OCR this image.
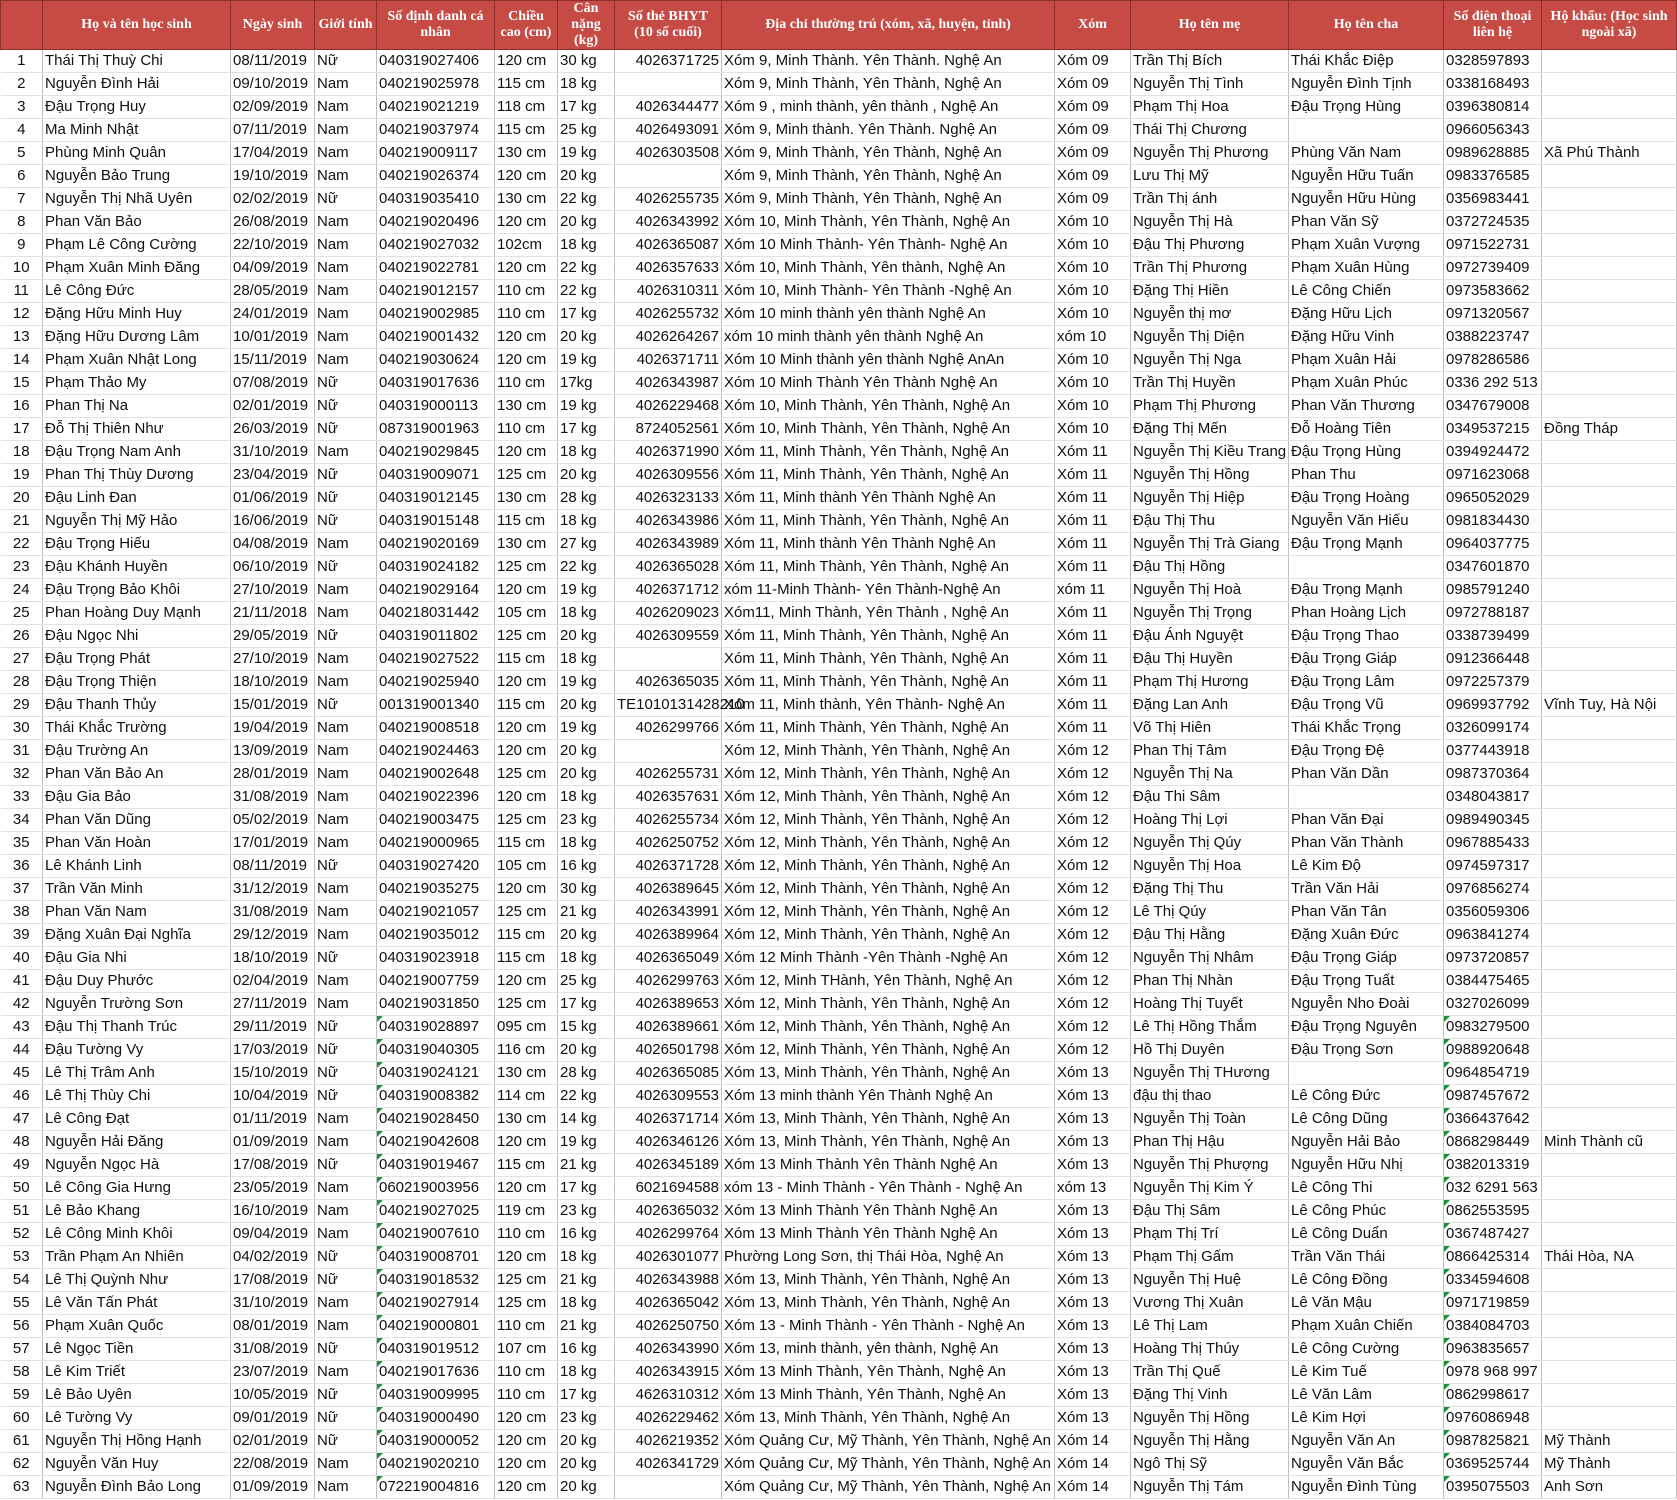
	Họ và tên học sinh	Ngày sinh	Giới tính	Số định danh cá nhân	Chiều cao (cm)	Cân nặng (kg)	Số thẻ BHYT (10 số cuối)	Địa chỉ thường trú (xóm, xã, huyện, tỉnh)	Xóm	Họ tên mẹ	Họ tên cha	Số điện thoại liên hệ	Hộ khẩu: (Học sinh ngoài xã)
1	Thái Thị Thuỳ Chi	08/11/2019	Nữ	040319027406	120 cm	30 kg	4026371725	Xóm 9, Minh Thành. Yên Thành. Nghệ An	Xóm 09	Trần Thị Bích	Thái Khắc Điệp	0328597893	
2	Nguyễn Đình Hải	09/10/2019	Nam	040219025978	115 cm	18 kg		Xóm 9, Minh Thành, Yên Thành, Nghệ An	Xóm 09	Nguyễn Thị Tình	Nguyễn Đình Tịnh	0338168493	
3	Đậu Trọng Huy	02/09/2019	Nam	040219021219	118 cm	17 kg	4026344477	Xóm 9 , minh thành, yên thành , Nghệ An	Xóm 09	Phạm Thị Hoa	Đậu Trọng Hùng	0396380814	
4	Ma Minh Nhật	07/11/2019	Nam	040219037974	115 cm	25 kg	4026493091	Xóm 9, Minh thành. Yên Thành. Nghệ An	Xóm 09	Thái Thị Chương		0966056343	
5	Phùng Minh Quân	17/04/2019	Nam	040219009117	130 cm	19 kg	4026303508	Xóm 9, Minh Thành, Yên Thành, Nghệ An	Xóm 09	Nguyễn Thị Phương	Phùng Văn Nam	0989628885	Xã Phú Thành
6	Nguyễn Bảo Trung	19/10/2019	Nam	040219026374	120 cm	20 kg		Xóm 9, Minh Thành, Yên Thành, Nghệ An	Xóm 09	Lưu Thị Mỹ	Nguyễn Hữu Tuấn	0983376585	
7	Nguyễn Thị Nhã Uyên	02/02/2019	Nữ	040319035410	130 cm	22 kg	4026255735	Xóm 9, Minh Thành, Yên Thành, Nghệ An	Xóm 09	Trần Thị ánh	Nguyễn Hữu Hùng	0356983441	
8	Phan Văn Bảo	26/08/2019	Nam	040219020496	120 cm	20 kg	4026343992	Xóm 10, Minh Thành, Yên Thành, Nghệ An	Xóm 10	Nguyễn Thị Hà	Phan Văn Sỹ	0372724535	
9	Phạm Lê Công Cường	22/10/2019	Nam	040219027032	102cm	18 kg	4026365087	Xóm 10 Minh Thành- Yên Thành- Nghệ An	Xóm 10	Đậu Thị Phương	Phạm Xuân Vượng	0971522731	
10	Phạm Xuân Minh Đăng	04/09/2019	Nam	040219022781	120 cm	22 kg	4026357633	Xóm 10, Minh Thành, Yên thành, Nghệ An	Xóm 10	Trần Thị Phương	Phạm Xuân Hùng	0972739409	
11	Lê Công Đức	28/05/2019	Nam	040219012157	110 cm	22 kg	4026310311	Xóm 10, Minh Thành- Yên Thành -Nghệ An	Xóm 10	Đặng Thị Hiền	Lê Công Chiến	0973583662	
12	Đặng Hữu Minh Huy	24/01/2019	Nam	040219002985	110 cm	17 kg	4026255732	Xóm 10 minh thành yên thành Nghệ An	Xóm 10	Nguyễn thị mơ	Đặng Hữu Lịch	0971320567	
13	Đặng Hữu Dương Lâm	10/01/2019	Nam	040219001432	120 cm	20 kg	4026264267	xóm 10 minh thành yên thành Nghệ An	xóm 10	Nguyễn Thị Diện	Đặng Hữu Vinh	0388223747	
14	Phạm Xuân Nhật Long	15/11/2019	Nam	040219030624	120 cm	19 kg	4026371711	Xóm 10 Minh thành yên thành Nghệ AnAn	Xóm 10	Nguyễn Thị Nga	Phạm Xuân Hải	0978286586	
15	Phạm Thảo My	07/08/2019	Nữ	040319017636	110 cm	17kg	4026343987	Xóm 10 Minh Thành Yên Thành Nghệ An	Xóm 10	Trần Thị Huyền	Phạm Xuân Phúc	0336 292 513	
16	Phan Thị Na	02/01/2019	Nữ	040319000113	130 cm	19 kg	4026229468	Xóm 10, Minh Thành, Yên Thành, Nghệ An	Xóm 10	Phạm Thị Phương	Phan Văn Thương	0347679008	
17	Đỗ Thị Thiên Như	26/03/2019	Nữ	087319001963	110 cm	17 kg	8724052561	Xóm 10, Minh Thành, Yên Thành, Nghệ An	Xóm 10	Đặng Thị Mến	Đỗ Hoàng Tiên	0349537215	Đồng Tháp
18	Đậu Trọng Nam Anh	31/10/2019	Nam	040219029845	120 cm	18 kg	4026371990	Xóm 11, Minh Thành, Yên Thành, Nghệ An	Xóm 11	Nguyễn Thị Kiều Trang	Đậu Trọng Hùng	0394924472	
19	Phan Thị Thùy Dương	23/04/2019	Nữ	040319009071	125 cm	20 kg	4026309556	Xóm 11, Minh Thành, Yên Thành, Nghệ An	Xóm 11	Nguyễn Thị Hồng	Phan Thu	0971623068	
20	Đậu Linh Đan	01/06/2019	Nữ	040319012145	130 cm	28 kg	4026323133	Xóm 11, Minh thành Yên Thành Nghệ An	Xóm 11	Nguyễn Thị Hiệp	Đậu Trọng Hoàng	0965052029	
21	Nguyễn Thị Mỹ Hảo	16/06/2019	Nữ	040319015148	115 cm	18 kg	4026343986	Xóm 11, Minh Thành, Yên Thành, Nghệ An	Xóm 11	Đậu Thị Thu	Nguyễn Văn Hiếu	0981834430	
22	Đậu Trọng Hiếu	04/08/2019	Nam	040219020169	130 cm	27 kg	4026343989	Xóm 11, Minh thành Yên Thành Nghệ An	Xóm 11	Nguyễn Thị Trà Giang	Đậu Trọng Mạnh	0964037775	
23	Đậu Khánh Huyền	06/10/2019	Nữ	040319024182	125 cm	22 kg	4026365028	Xóm 11, Minh Thành, Yên Thành, Nghệ An	Xóm 11	Đậu Thị Hồng		0347601870	
24	Đậu Trọng Bảo Khôi	27/10/2019	Nam	040219029164	120 cm	19 kg	4026371712	xóm 11-Minh Thành- Yên Thành-Nghệ An	xóm 11	Nguyễn Thị Hoà	Đậu Trọng Mạnh	0985791240	
25	Phan Hoàng Duy Mạnh	21/11/2018	Nam	040218031442	105 cm	18 kg	4026209023	Xóm11, Minh Thành, Yên Thành , Nghệ An	Xóm 11	Nguyễn Thị Trọng	Phan Hoàng Lịch	0972788187	
26	Đậu Ngọc Nhi	29/05/2019	Nữ	040319011802	125 cm	20 kg	4026309559	Xóm 11, Minh Thành, Yên Thành, Nghệ An	Xóm 11	Đậu Ánh Nguyệt	Đậu Trọng Thao	0338739499	
27	Đậu Trọng Phát	27/10/2019	Nam	040219027522	115 cm	18 kg		Xóm 11, Minh Thành, Yên Thành, Nghệ An	Xóm 11	Đậu Thị Huyền	Đậu Trọng Giáp	0912366448	
28	Đậu Trọng Thiện	18/10/2019	Nam	040219025940	120 cm	19 kg	4026365035	Xóm 11, Minh Thành, Yên Thành, Nghệ An	Xóm 11	Phạm Thị Hương	Đậu Trọng Lâm	0972257379	
29	Đậu Thanh Thủy	15/01/2019	Nữ	001319001340	115 cm	20 kg	TE1010131428210	Xóm 11, Minh thành, Yên Thành- Nghệ An	Xóm 11	Đặng Lan Anh	Đậu Trọng Vũ	0969937792	Vĩnh Tuy, Hà Nội
30	Thái Khắc Trường	19/04/2019	Nam	040219008518	120 cm	19 kg	4026299766	Xóm 11, Minh Thành, Yên Thành, Nghệ An	Xóm 11	Võ Thị Hiên	Thái Khắc Trọng	0326099174	
31	Đậu Trường An	13/09/2019	Nam	040219024463	120 cm	20 kg		Xóm 12, Minh Thành, Yên Thành, Nghệ An	Xóm 12	Phan Thị Tâm	Đậu Trọng Đệ	0377443918	
32	Phan Văn Bảo An	28/01/2019	Nam	040219002648	125 cm	20 kg	4026255731	Xóm 12, Minh Thành, Yên Thành, Nghệ An	Xóm 12	Nguyễn Thị Na	Phan Văn Dần	0987370364	
33	Đậu Gia Bảo	31/08/2019	Nam	040219022396	120 cm	18 kg	4026357631	Xóm 12, Minh Thành, Yên Thành, Nghệ An	Xóm 12	Đậu Thi Sâm		0348043817	
34	Phan Văn Dũng	05/02/2019	Nam	040219003475	125 cm	23 kg	4026255734	Xóm 12, Minh Thành, Yên Thành, Nghệ An	Xóm 12	Hoàng Thị Lợi	Phan Văn Đại	0989490345	
35	Phan Văn Hoàn	17/01/2019	Nam	040219000965	115 cm	18 kg	4026250752	Xóm 12, Minh Thành, Yên Thành, Nghệ An	Xóm 12	Nguyễn Thị Qúy	Phan Văn Thành	0967885433	
36	Lê Khánh Linh	08/11/2019	Nữ	040319027420	105 cm	16 kg	4026371728	Xóm 12, Minh Thành, Yên Thành, Nghệ An	Xóm 12	Nguyễn Thị Hoa	Lê Kim Độ	0974597317	
37	Trần Văn Minh	31/12/2019	Nam	040219035275	120 cm	30 kg	4026389645	Xóm 12, Minh Thành, Yên Thành, Nghệ An	Xóm 12	Đặng Thị Thu	Trần Văn Hải	0976856274	
38	Phan Văn Nam	31/08/2019	Nam	040219021057	125 cm	21 kg	4026343991	Xóm 12, Minh Thành, Yên Thành, Nghệ An	Xóm 12	Lê Thị Qúy	Phan Văn Tân	0356059306	
39	Đặng Xuân Đại Nghĩa	29/12/2019	Nam	040219035012	115 cm	20 kg	4026389964	Xóm 12, Minh Thành, Yên Thành, Nghệ An	Xóm 12	Đậu Thị Hằng	Đặng Xuân Đức	0963841274	
40	Đậu Gia Nhi	18/10/2019	Nữ	040319023918	115 cm	18 kg	4026365049	Xóm 12 Minh Thành -Yên Thành -Nghệ An	Xóm 12	Nguyễn Thị Nhâm	Đậu Trọng Giáp	0973720857	
41	Đậu Duy Phước	02/04/2019	Nam	040219007759	120 cm	25 kg	4026299763	Xóm 12, Minh THành, Yên Thành, Nghệ An	Xóm 12	Phan Thị Nhàn	Đậu Trọng Tuất	0384475465	
42	Nguyễn Trường Sơn	27/11/2019	Nam	040219031850	125 cm	17 kg	4026389653	Xóm 12, Minh Thành, Yên Thành, Nghệ An	Xóm 12	Hoàng Thị Tuyết	Nguyễn Nho Đoài	0327026099	
43	Đậu Thị Thanh Trúc	29/11/2019	Nữ	040319028897	095 cm	15 kg	4026389661	Xóm 12, Minh Thành, Yên Thành, Nghệ An	Xóm 12	Lê Thị Hồng Thắm	Đậu Trọng Nguyên	0983279500	
44	Đậu Tường Vy	17/03/2019	Nữ	040319040305	116 cm	20 kg	4026501798	Xóm 12, Minh Thành, Yên Thành, Nghệ An	Xóm 12	Hồ Thị Duyên	Đậu Trọng Sơn	0988920648	
45	Lê Thị Trâm Anh	15/10/2019	Nữ	040319024121	130 cm	28 kg	4026365085	Xóm 13, Minh Thành, Yên Thành, Nghệ An	Xóm 13	Nguyễn Thị THương		0964854719	
46	Lê Thị Thùy Chi	10/04/2019	Nữ	040319008382	114 cm	22 kg	4026309553	Xóm 13 minh thành Yên Thành Nghệ An	Xóm 13	đậu thị thao	Lê Công Đức	0987457672	
47	Lê Công Đạt	01/11/2019	Nam	040219028450	130 cm	14 kg	4026371714	Xóm 13, Minh Thành, Yên Thành, Nghệ An	Xóm 13	Nguyễn Thị Toàn	Lê Công Dũng	0366437642	
48	Nguyễn Hải Đăng	01/09/2019	Nam	040219042608	120 cm	19 kg	4026346126	Xóm 13, Minh Thành, Yên Thành, Nghệ An	Xóm 13	Phan Thị Hậu	Nguyễn Hải Bảo	0868298449	Minh Thành cũ
49	Nguyễn Ngọc Hà	17/08/2019	Nữ	040319019467	115 cm	21 kg	4026345189	Xóm 13 Minh Thành Yên Thành Nghệ An	Xóm 13	Nguyễn Thị Phượng	Nguyễn Hữu Nhị	0382013319	
50	Lê Công Gia Hưng	23/05/2019	Nam	060219003956	120 cm	17 kg	6021694588	xóm 13 - Minh Thành - Yên Thành - Nghệ An	xóm 13	Nguyễn Thị Kim Ý	Lê Công Thi	032 6291 563	
51	Lê Bảo Khang	16/10/2019	Nam	040219027025	119 cm	23 kg	4026365032	Xóm 13 Minh Thành Yên Thành Nghệ An	Xóm 13	Đậu Thị Sâm	Lê Công Phúc	0862553595	
52	Lê Công Minh Khôi	09/04/2019	Nam	040219007610	110 cm	16 kg	4026299764	Xóm 13 Minh Thành Yên Thành Nghệ An	Xóm 13	Phạm Thị Trí	Lê Công Duẩn	0367487427	
53	Trần Phạm An Nhiên	04/02/2019	Nữ	040319008701	120 cm	18 kg	4026301077	Phường Long Sơn, thị Thái Hòa, Nghệ An	Xóm 13	Phạm Thị Gấm	Trần Văn Thái	0866425314	Thái Hòa, NA
54	Lê Thị Quỳnh Như	17/08/2019	Nữ	040319018532	125 cm	21 kg	4026343988	Xóm 13, Minh Thành, Yên Thành, Nghệ An	Xóm 13	Nguyễn Thị Huệ	Lê Công Đồng	0334594608	
55	Lê Văn Tấn Phát	31/10/2019	Nam	040219027914	125 cm	18 kg	4026365042	Xóm 13, Minh Thành, Yên Thành, Nghệ An	Xóm 13	Vương Thị Xuân	Lê Văn Mậu	0971719859	
56	Phạm Xuân Quốc	08/01/2019	Nam	040219000801	110 cm	21 kg	4026250750	Xóm 13 - Minh Thành - Yên Thành - Nghệ An	Xóm 13	Lê Thị Lam	Phạm Xuân Chiến	0384084703	
57	Lê Ngọc Tiền	31/08/2019	Nữ	040319019512	107 cm	16 kg	4026343990	Xóm 13, minh thành, yên thành, Nghệ An	Xóm 13	Hoàng Thị Thúy	Lê Công Cường	0963835657	
58	Lê Kim Triết	23/07/2019	Nam	040219017636	110 cm	18 kg	4026343915	Xóm 13 Minh Thành, Yên Thành, Nghệ An	Xóm 13	Trần Thị Quế	Lê Kim Tuế	0978 968 997	
59	Lê Bảo Uyên	10/05/2019	Nữ	040319009995	110 cm	17 kg	4626310312	Xóm 13 Minh Thành, Yên Thành, Nghệ An	Xóm 13	Đặng Thị Vinh	Lê Văn Lâm	0862998617	
60	Lê Tường Vy	09/01/2019	Nữ	040319000490	120 cm	23 kg	4026229462	Xóm 13, Minh Thành, Yên Thành, Nghệ An	Xóm 13	Nguyễn Thị Hồng	Lê Kim Hợi	0976086948	
61	Nguyễn Thị Hồng Hạnh	02/01/2019	Nữ	040319000052	120 cm	20 kg	4026219352	Xóm Quảng Cư, Mỹ Thành, Yên Thành, Nghệ An	Xóm 14	Nguyễn Thị Hằng	Nguyễn Văn An	0987825821	Mỹ Thành
62	Nguyễn Văn Huy	22/08/2019	Nam	040219020210	120 cm	20 kg	4026341729	Xóm Quảng Cư, Mỹ Thành, Yên Thành, Nghệ An	Xóm 14	Ngô Thị Sỹ	Nguyễn Văn Bắc	0369525744	Mỹ Thành
63	Nguyễn Đình Bảo Long	01/09/2019	Nam	072219004816	120 cm	20 kg		Xóm Quảng Cư, Mỹ Thành, Yên Thành, Nghệ An	Xóm 14	Nguyễn Thị Tám	Nguyễn Đình Tùng	0395075503	Anh Sơn
